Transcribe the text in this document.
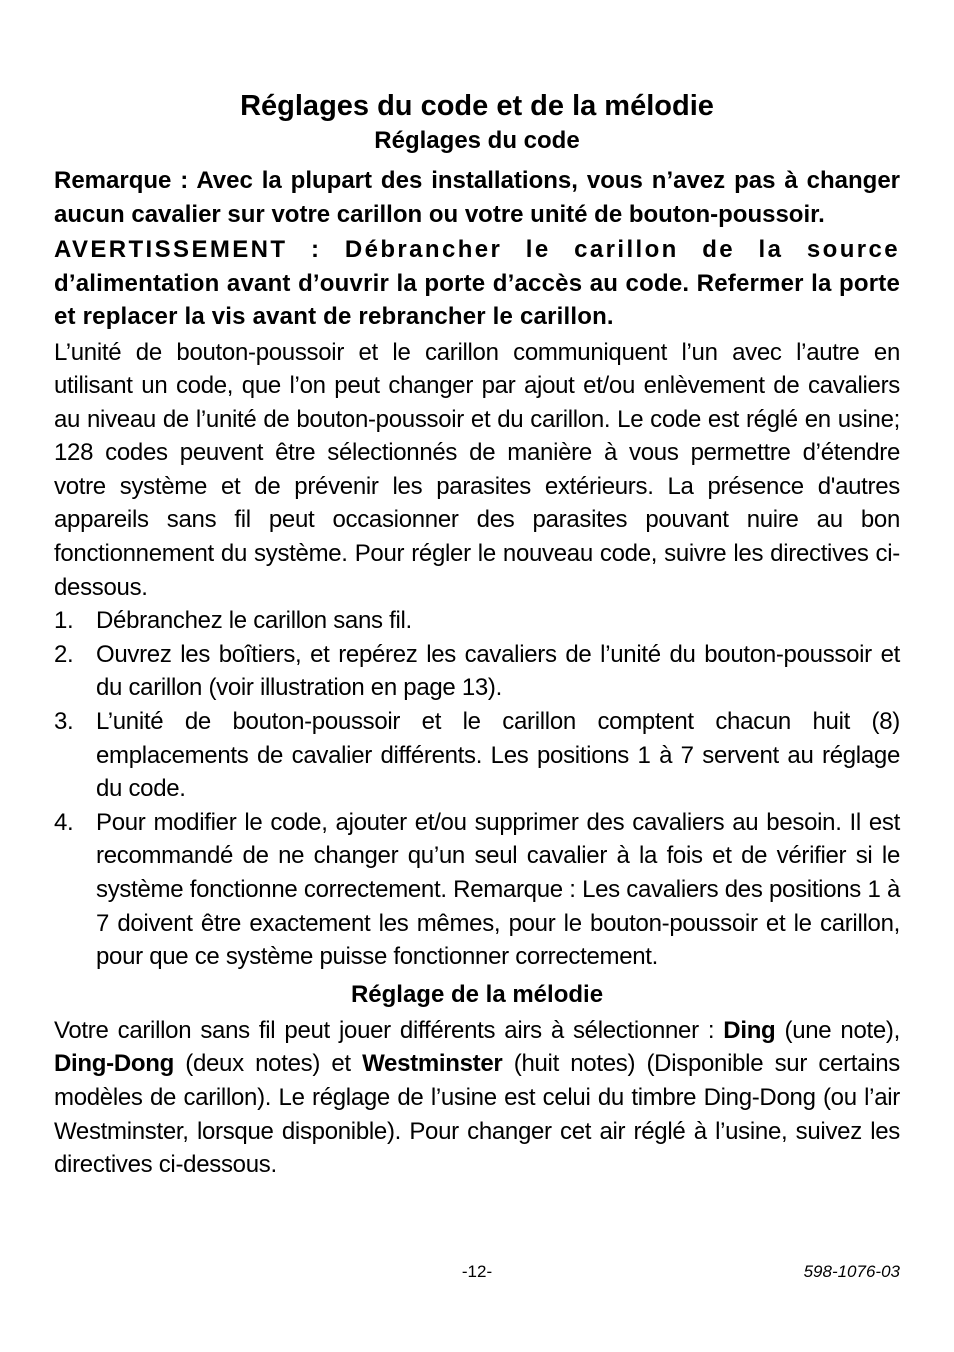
Réglages du code et de la mélodie
Réglages du code

Remarque : Avec la plupart des installations, vous n’avez pas à changer aucun cavalier sur votre carillon ou votre unité de bouton-poussoir.

AVERTISSEMENT : Débrancher le carillon de la source d’alimentation avant d’ouvrir la porte d’accès au code. Refermer la porte et replacer la vis avant de rebrancher le carillon.

L’unité de bouton-poussoir et le carillon communiquent l’un avec l’autre en utilisant un code, que l’on peut changer par ajout et/ou enlèvement de cavaliers au niveau de l’unité de bouton-poussoir et du carillon. Le code est réglé en usine; 128 codes peuvent être sélectionnés de manière à vous permettre d’étendre votre système et de prévenir les parasites extérieurs. La présence d'autres appareils sans fil peut occasionner des parasites pouvant nuire au bon fonctionnement du système. Pour régler le nouveau code, suivre les directives ci-dessous.

1. Débranchez le carillon sans fil.
2. Ouvrez les boîtiers, et repérez les cavaliers de l’unité du bouton-poussoir et du carillon (voir illustration en page 13).
3. L’unité de bouton-poussoir et le carillon comptent chacun huit (8) emplacements de cavalier différents. Les positions 1 à 7 servent au réglage du code.
4. Pour modifier le code, ajouter et/ou supprimer des cavaliers au besoin. Il est recommandé de ne changer qu’un seul cavalier à la fois et de vérifier si le système fonctionne correctement. Remarque : Les cavaliers des positions 1 à 7 doivent être exactement les mêmes, pour le bouton-poussoir et le carillon, pour que ce système puisse fonctionner correctement.
Réglage de la mélodie

Votre carillon sans fil peut jouer différents airs à sélectionner : Ding (une note), Ding-Dong (deux notes) et Westminster (huit notes) (Disponible sur certains modèles de carillon). Le réglage de l’usine est celui du timbre Ding-Dong (ou l’air Westminster, lorsque disponible). Pour changer cet air réglé à l’usine, suivez les directives ci-dessous.

-12-	598-1076-03
